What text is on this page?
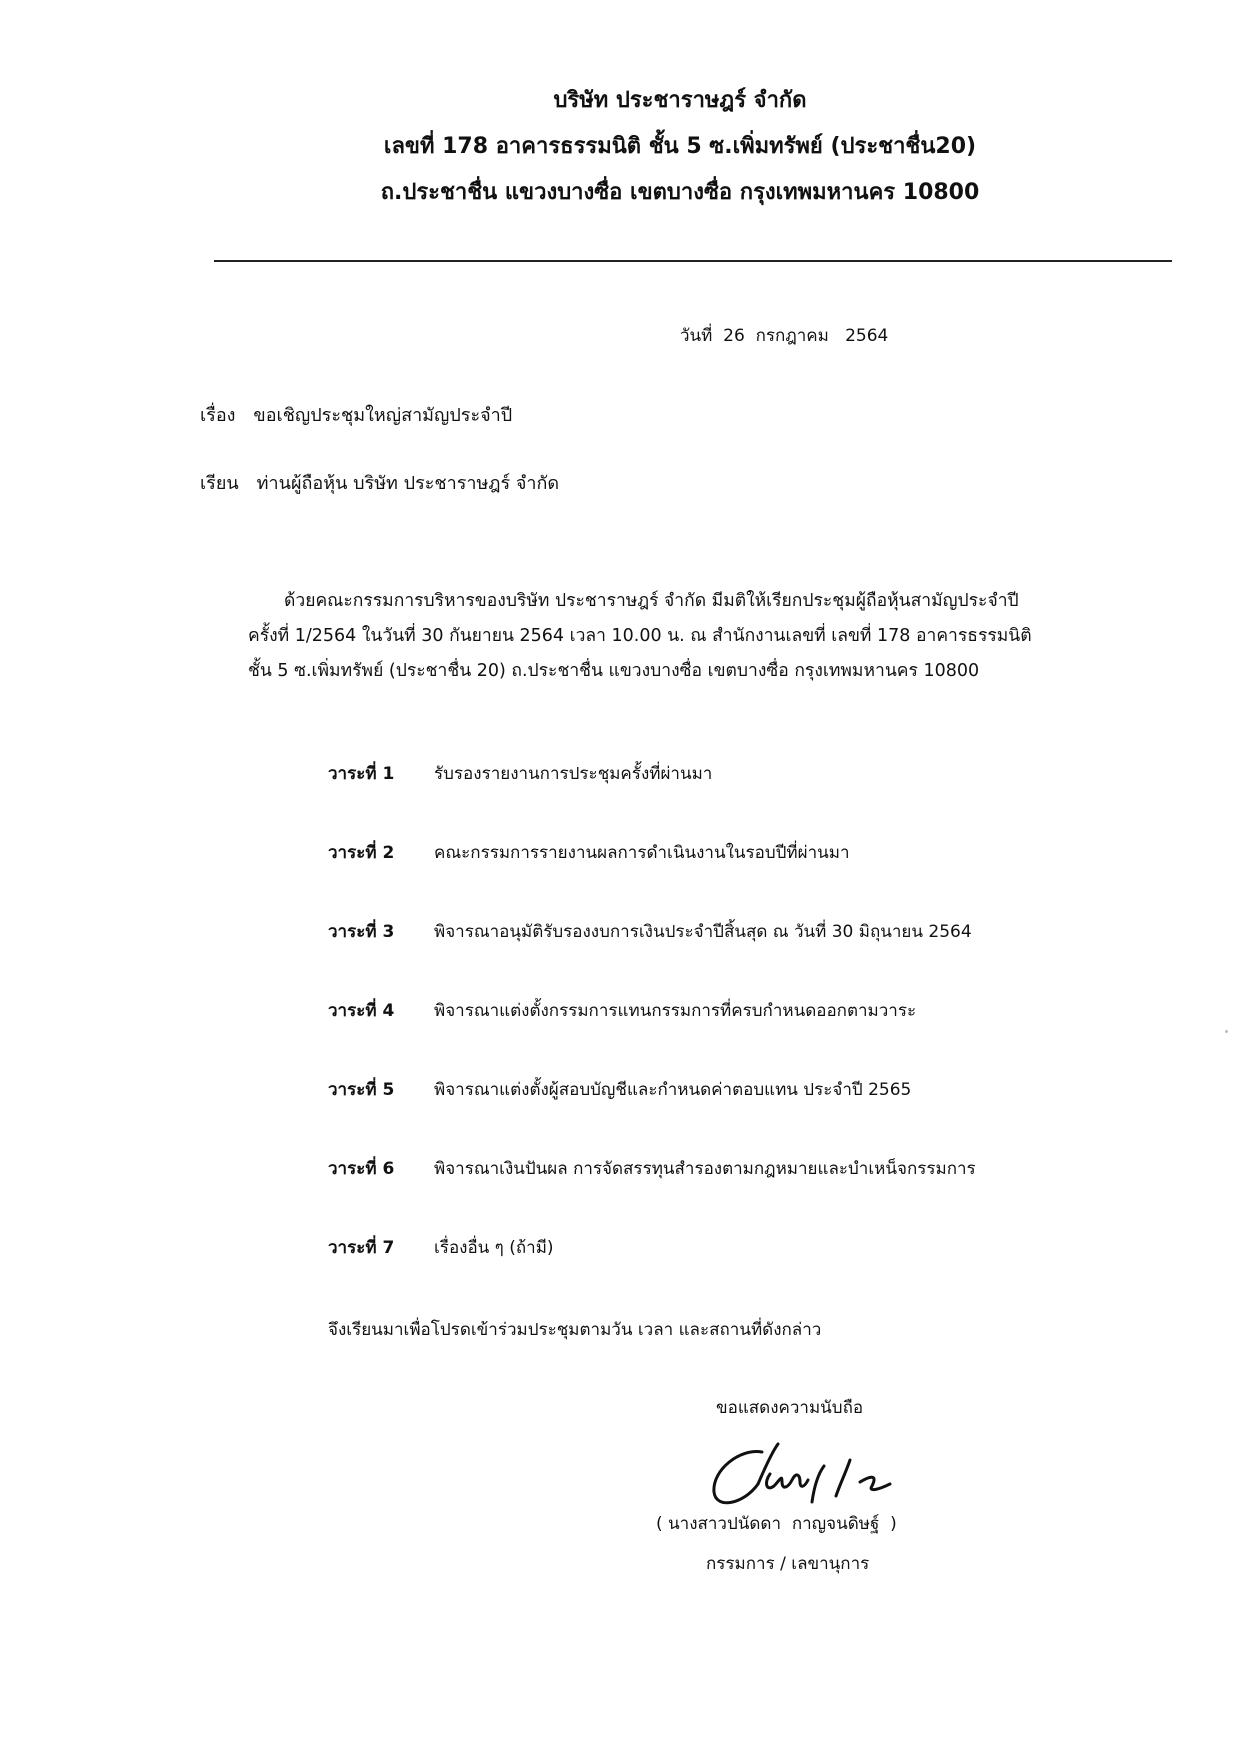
บริษัท ประชาราษฎร์ จำกัด
เลขที่ 178 อาคารธรรมนิติ ชั้น 5 ซ.เพิ่มทรัพย์ (ประชาชื่น20)
ถ.ประชาชื่น แขวงบางซื่อ เขตบางซื่อ กรุงเทพมหานคร 10800
วันที่  26  กรกฎาคม   2564
เรื่อง ขอเชิญประชุมใหญ่สามัญประจำปี
เรียน ท่านผู้ถือหุ้น บริษัท ประชาราษฎร์ จำกัด
ด้วยคณะกรรมการบริหารของบริษัท ประชาราษฎร์ จำกัด มีมติให้เรียกประชุมผู้ถือหุ้นสามัญประจำปี
ครั้งที่ 1/2564 ในวันที่ 30 กันยายน 2564 เวลา 10.00 น. ณ สำนักงานเลขที่ เลขที่ 178 อาคารธรรมนิติ
ชั้น 5 ซ.เพิ่มทรัพย์ (ประชาชื่น 20) ถ.ประชาชื่น แขวงบางซื่อ เขตบางซื่อ กรุงเทพมหานคร 10800
วาระที่ 1	รับรองรายงานการประชุมครั้งที่ผ่านมา
วาระที่ 2	คณะกรรมการรายงานผลการดำเนินงานในรอบปีที่ผ่านมา
วาระที่ 3	พิจารณาอนุมัติรับรองงบการเงินประจำปีสิ้นสุด ณ วันที่ 30 มิถุนายน 2564
วาระที่ 4	พิจารณาแต่งตั้งกรรมการแทนกรรมการที่ครบกำหนดออกตามวาระ
วาระที่ 5	พิจารณาแต่งตั้งผู้สอบบัญชีและกำหนดค่าตอบแทน ประจำปี 2565
วาระที่ 6	พิจารณาเงินปันผล การจัดสรรทุนสำรองตามกฎหมายและบำเหน็จกรรมการ
วาระที่ 7	เรื่องอื่น ๆ (ถ้ามี)
จึงเรียนมาเพื่อโปรดเข้าร่วมประชุมตามวัน เวลา และสถานที่ดังกล่าว
ขอแสดงความนับถือ
( นางสาวปนัดดา  กาญจนดิษฐ์  )
กรรมการ / เลขานุการ
